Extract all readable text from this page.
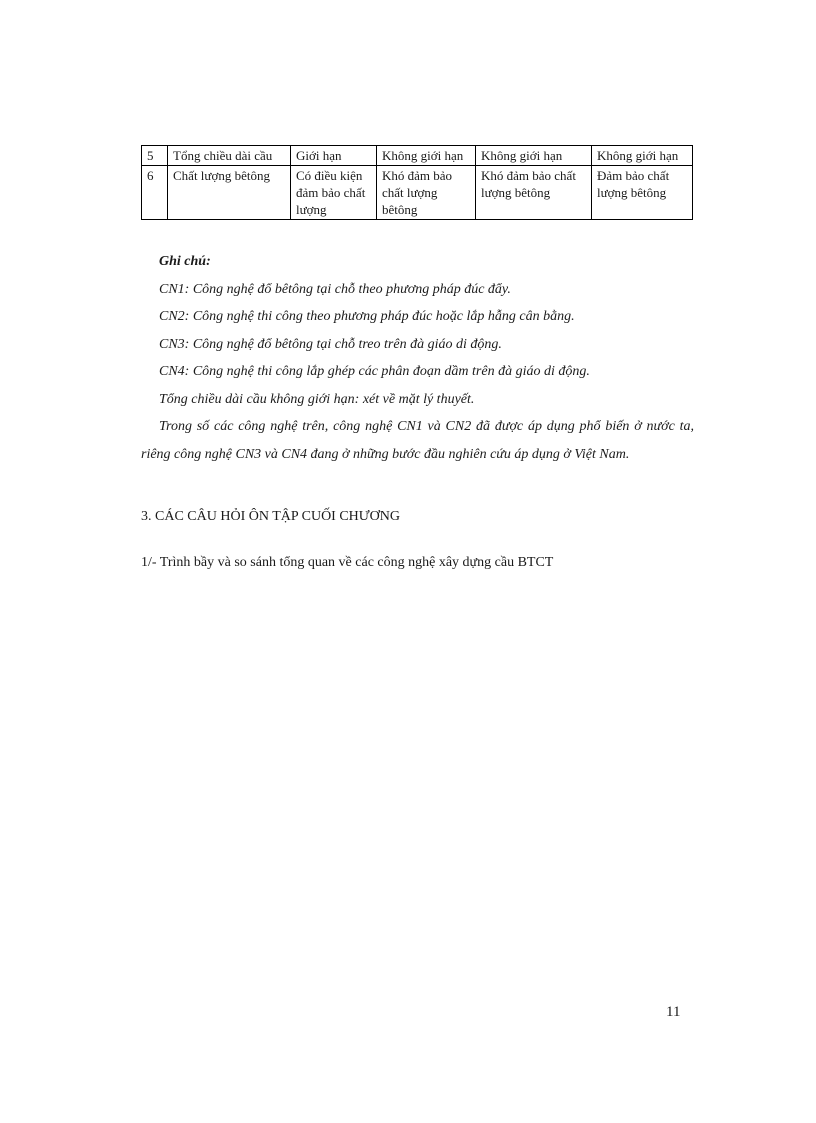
5	Tổng chiều dài cầu	Giới hạn	Không giới hạn	Không giới hạn	Không giới hạn
6	Chất lượng bêtông	Có điều kiện đảm bảo chất lượng	Khó đảm bảo chất lượng bêtông	Khó đảm bảo chất lượng bêtông	Đảm bảo chất lượng bêtông

Ghi chú:

CN1: Công nghệ đổ bêtông tại chỗ theo phương pháp đúc đẩy.

CN2: Công nghệ thi công theo phương pháp đúc hoặc lắp hẫng cân bằng.

CN3: Công nghệ đổ bêtông tại chỗ treo trên đà giáo di động.

CN4: Công nghệ thi công lắp ghép các phân đoạn dầm trên đà giáo di động.

Tổng chiều dài cầu không giới hạn: xét về mặt lý thuyết.

Trong số các công nghệ trên, công nghệ CN1 và CN2 đã được áp dụng phổ biến ở nước ta, riêng công nghệ CN3 và CN4 đang ở những bước đầu nghiên cứu áp dụng ở Việt Nam.

3. CÁC CÂU HỎI ÔN TẬP CUỐI CHƯƠNG
1/- Trình bầy và so sánh tổng quan về các công nghệ xây dựng cầu BTCT
11
